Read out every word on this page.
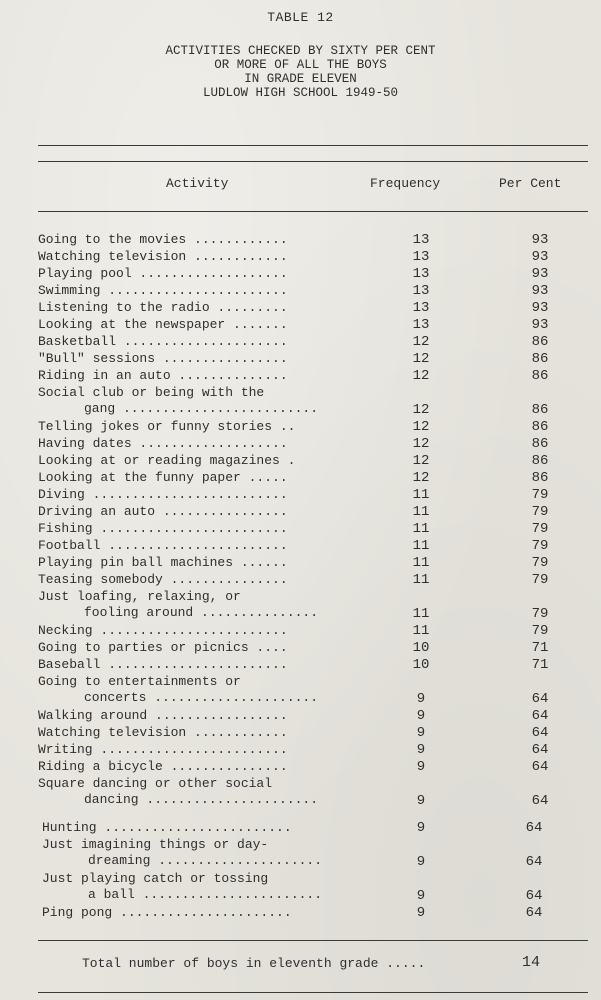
TABLE 12
ACTIVITIES CHECKED BY SIXTY PER CENT
OR MORE OF ALL THE BOYS
IN GRADE ELEVEN
LUDLOW HIGH SCHOOL 1949-50
Activity	Frequency	Per Cent
Going to the movies ............	13	93
Watching television ............	13	93
Playing pool ...................	13	93
Swimming .......................	13	93
Listening to the radio .........	13	93
Looking at the newspaper .......	13	93
Basketball .....................	12	86
"Bull" sessions ................	12	86
Riding in an auto ..............	12	86
Social club or being with the
gang .........................	12	86
Telling jokes or funny stories ..	12	86
Having dates ...................	12	86
Looking at or reading magazines .	12	86
Looking at the funny paper .....	12	86
Diving .........................	11	79
Driving an auto ................	11	79
Fishing ........................	11	79
Football .......................	11	79
Playing pin ball machines ......	11	79
Teasing somebody ...............	11	79
Just loafing, relaxing, or
fooling around ...............	11	79
Necking ........................	11	79
Going to parties or picnics ....	10	71
Baseball .......................	10	71
Going to entertainments or
concerts .....................	9	64
Walking around .................	9	64
Watching television ............	9	64
Writing ........................	9	64
Riding a bicycle ...............	9	64
Square dancing or other social
dancing ......................	9	64
Hunting ........................	9	64
Just imagining things or day-
dreaming .....................	9	64
Just playing catch or tossing
a ball .......................	9	64
Ping pong ......................	9	64
Total number of boys in eleventh grade .....	14
